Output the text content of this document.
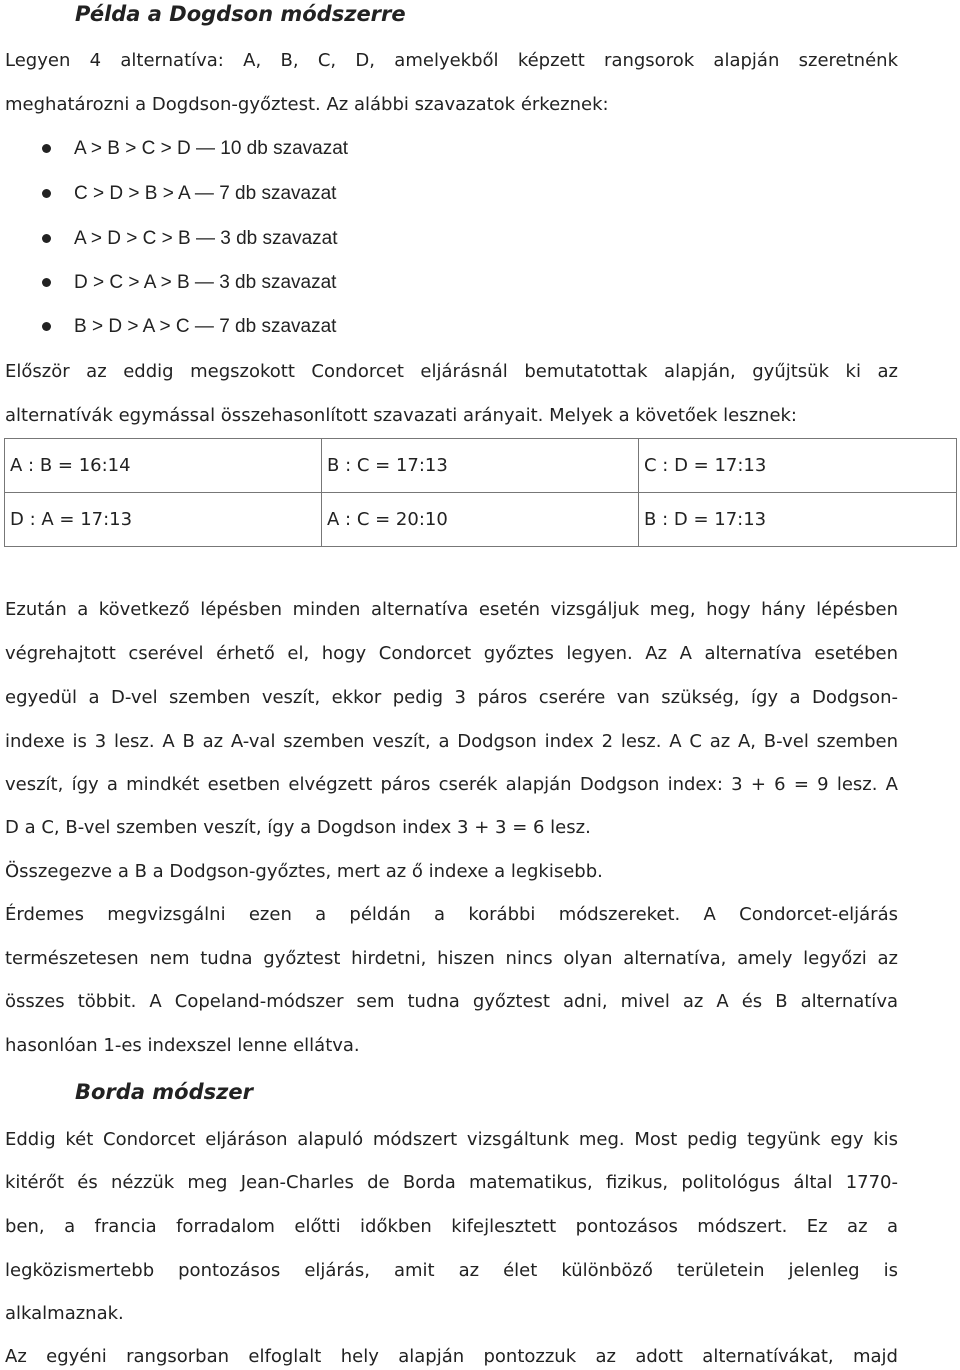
Példa a Dogdson módszerre
Legyen 4 alternatíva: A, B, C, D, amelyekből képzett rangsorok alapján szeretnénk
meghatározni a Dogdson-győztest. Az alábbi szavazatok érkeznek:
A > B > C > D — 10 db szavazat
C > D > B > A — 7 db szavazat
A > D > C > B — 3 db szavazat
D > C > A > B — 3 db szavazat
B > D > A > C — 7 db szavazat
Először az eddig megszokott Condorcet eljárásnál bemutatottak alapján, gyűjtsük ki az
alternatívák egymással összehasonlított szavazati arányait. Melyek a követőek lesznek:
A : B = 16:14	B : C = 17:13	C : D = 17:13
D : A = 17:13	A : C = 20:10	B : D = 17:13
Ezután a következő lépésben minden alternatíva esetén vizsgáljuk meg, hogy hány lépésben
végrehajtott cserével érhető el, hogy Condorcet győztes legyen. Az A alternatíva esetében
egyedül a D-vel szemben veszít, ekkor pedig 3 páros cserére van szükség, így a Dodgson-
indexe is 3 lesz. A B az A-val szemben veszít, a Dodgson index 2 lesz. A C az A, B-vel szemben
veszít, így a mindkét esetben elvégzett páros cserék alapján Dodgson index: 3 + 6 = 9 lesz. A
D a C, B-vel szemben veszít, így a Dogdson index 3 + 3 = 6 lesz.
Összegezve a B a Dodgson-győztes, mert az ő indexe a legkisebb.
Érdemes megvizsgálni ezen a példán a korábbi módszereket. A Condorcet-eljárás
természetesen nem tudna győztest hirdetni, hiszen nincs olyan alternatíva, amely legyőzi az
összes többit. A Copeland-módszer sem tudna győztest adni, mivel az A és B alternatíva
hasonlóan 1-es indexszel lenne ellátva.
Borda módszer
Eddig két Condorcet eljáráson alapuló módszert vizsgáltunk meg. Most pedig tegyünk egy kis
kitérőt és nézzük meg Jean-Charles de Borda matematikus, fizikus, politológus által 1770-
ben, a francia forradalom előtti időkben kifejlesztett pontozásos módszert. Ez az a
legközismertebb pontozásos eljárás, amit az élet különböző területein jelenleg is
alkalmaznak.
Az egyéni rangsorban elfoglalt hely alapján pontozzuk az adott alternatívákat, majd
